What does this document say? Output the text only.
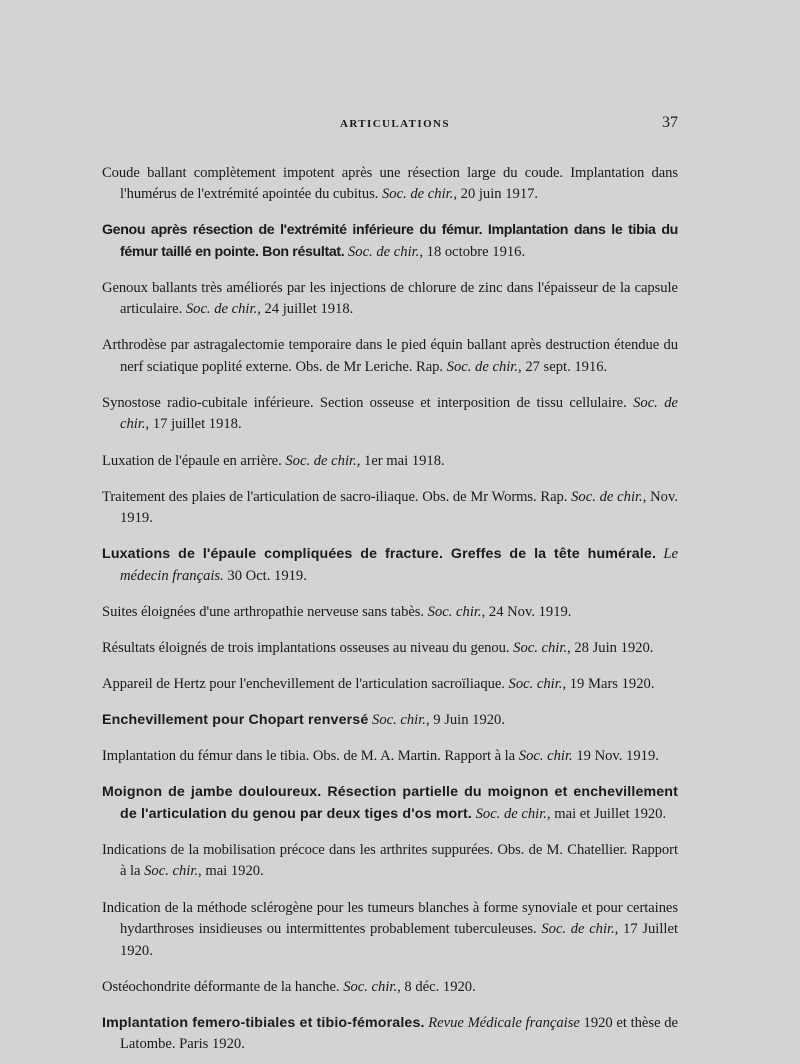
ARTICULATIONS	37

Coude ballant complètement impotent après une résection large du coude. Implantation dans l'humérus de l'extrémité apointée du cubitus. Soc. de chir., 20 juin 1917.

Genou après résection de l'extrémité inférieure du fémur. Implantation dans le tibia du fémur taillé en pointe. Bon résultat. Soc. de chir., 18 octobre 1916.

Genoux ballants très améliorés par les injections de chlorure de zinc dans l'épaisseur de la capsule articulaire. Soc. de chir., 24 juillet 1918.

Arthrodèse par astragalectomie temporaire dans le pied équin ballant après destruction étendue du nerf sciatique poplité externe. Obs. de Mr Leriche. Rap. Soc. de chir., 27 sept. 1916.

Synostose radio-cubitale inférieure. Section osseuse et interposition de tissu cellulaire. Soc. de chir., 17 juillet 1918.

Luxation de l'épaule en arrière. Soc. de chir., 1er mai 1918.

Traitement des plaies de l'articulation de sacro-iliaque. Obs. de Mr Worms. Rap. Soc. de chir., Nov. 1919.

Luxations de l'épaule compliquées de fracture. Greffes de la tête humérale. Le médecin français. 30 Oct. 1919.

Suites éloignées d'une arthropathie nerveuse sans tabès. Soc. chir., 24 Nov. 1919.

Résultats éloignés de trois implantations osseuses au niveau du genou. Soc. chir., 28 Juin 1920.

Appareil de Hertz pour l'enchevillement de l'articulation sacroïliaque. Soc. chir., 19 Mars 1920.

Enchevillement pour Chopart renversé Soc. chir., 9 Juin 1920.

Implantation du fémur dans le tibia. Obs. de M. A. Martin. Rapport à la Soc. chir. 19 Nov. 1919.

Moignon de jambe douloureux. Résection partielle du moignon et enchevillement de l'articulation du genou par deux tiges d'os mort. Soc. de chir., mai et Juillet 1920.

Indications de la mobilisation précoce dans les arthrites suppurées. Obs. de M. Chatellier. Rapport à la Soc. chir., mai 1920.

Indication de la méthode sclérogène pour les tumeurs blanches à forme synoviale et pour certaines hydarthroses insidieuses ou intermittentes probablement tuberculeuses. Soc. de chir., 17 Juillet 1920.

Ostéochondrite déformante de la hanche. Soc. chir., 8 déc. 1920.

Implantation femero-tibiales et tibio-fémorales. Revue Médicale française 1920 et thèse de Latombe. Paris 1920.
